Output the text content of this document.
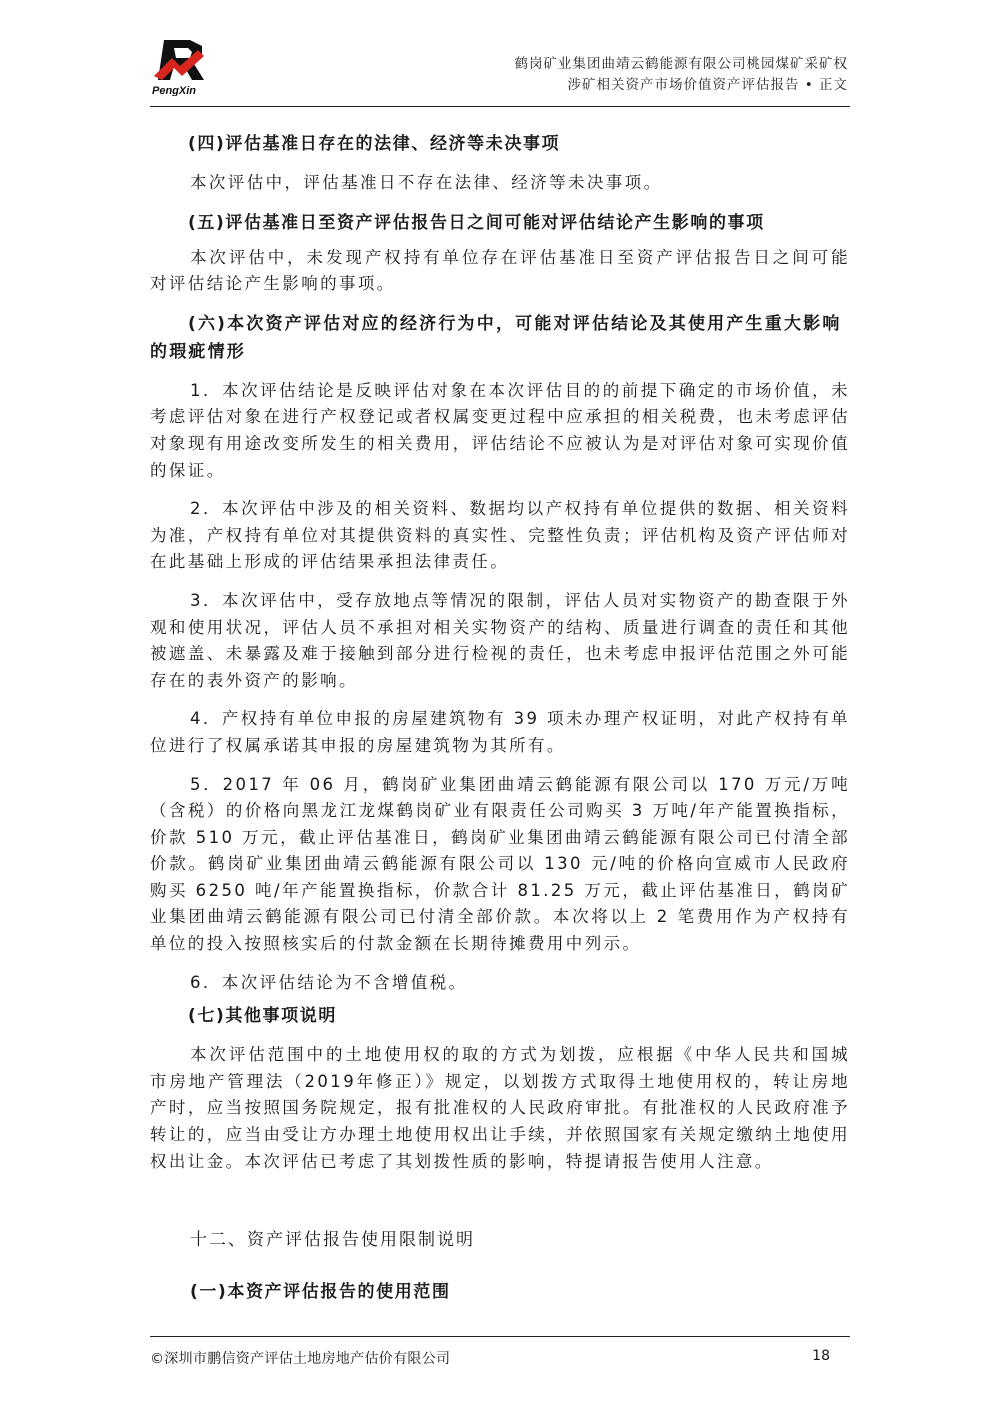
PengXin
鹤岗矿业集团曲靖云鹤能源有限公司桃园煤矿采矿权
涉矿相关资产市场价值资产评估报告 • 正文

(四)评估基准日存在的法律、经济等未决事项

本次评估中，评估基准日不存在法律、经济等未决事项。

(五)评估基准日至资产评估报告日之间可能对评估结论产生影响的事项

本次评估中，未发现产权持有单位存在评估基准日至资产评估报告日之间可能对评估结论产生影响的事项。

(六)本次资产评估对应的经济行为中，可能对评估结论及其使用产生重大影响的瑕疵情形

1．本次评估结论是反映评估对象在本次评估目的的前提下确定的市场价值，未考虑评估对象在进行产权登记或者权属变更过程中应承担的相关税费，也未考虑评估对象现有用途改变所发生的相关费用，评估结论不应被认为是对评估对象可实现价值的保证。

2．本次评估中涉及的相关资料、数据均以产权持有单位提供的数据、相关资料为准，产权持有单位对其提供资料的真实性、完整性负责；评估机构及资产评估师对在此基础上形成的评估结果承担法律责任。

3．本次评估中，受存放地点等情况的限制，评估人员对实物资产的勘查限于外观和使用状况，评估人员不承担对相关实物资产的结构、质量进行调查的责任和其他被遮盖、未暴露及难于接触到部分进行检视的责任，也未考虑申报评估范围之外可能存在的表外资产的影响。

4．产权持有单位申报的房屋建筑物有 39 项未办理产权证明，对此产权持有单位进行了权属承诺其申报的房屋建筑物为其所有。

5．2017 年 06 月，鹤岗矿业集团曲靖云鹤能源有限公司以 170 万元/万吨（含税）的价格向黑龙江龙煤鹤岗矿业有限责任公司购买 3 万吨/年产能置换指标，价款 510 万元，截止评估基准日，鹤岗矿业集团曲靖云鹤能源有限公司已付清全部价款。鹤岗矿业集团曲靖云鹤能源有限公司以 130 元/吨的价格向宣威市人民政府购买 6250 吨/年产能置换指标，价款合计 81.25 万元，截止评估基准日，鹤岗矿业集团曲靖云鹤能源有限公司已付清全部价款。本次将以上 2 笔费用作为产权持有单位的投入按照核实后的付款金额在长期待摊费用中列示。

6．本次评估结论为不含增值税。

(七)其他事项说明

本次评估范围中的土地使用权的取的方式为划拨，应根据《中华人民共和国城市房地产管理法（2019年修正）》规定，以划拨方式取得土地使用权的，转让房地产时，应当按照国务院规定，报有批准权的人民政府审批。有批准权的人民政府准予转让的，应当由受让方办理土地使用权出让手续，并依照国家有关规定缴纳土地使用权出让金。本次评估已考虑了其划拨性质的影响，特提请报告使用人注意。

十二、资产评估报告使用限制说明
(一)本资产评估报告的使用范围
©深圳市鹏信资产评估土地房地产估价有限公司	18
